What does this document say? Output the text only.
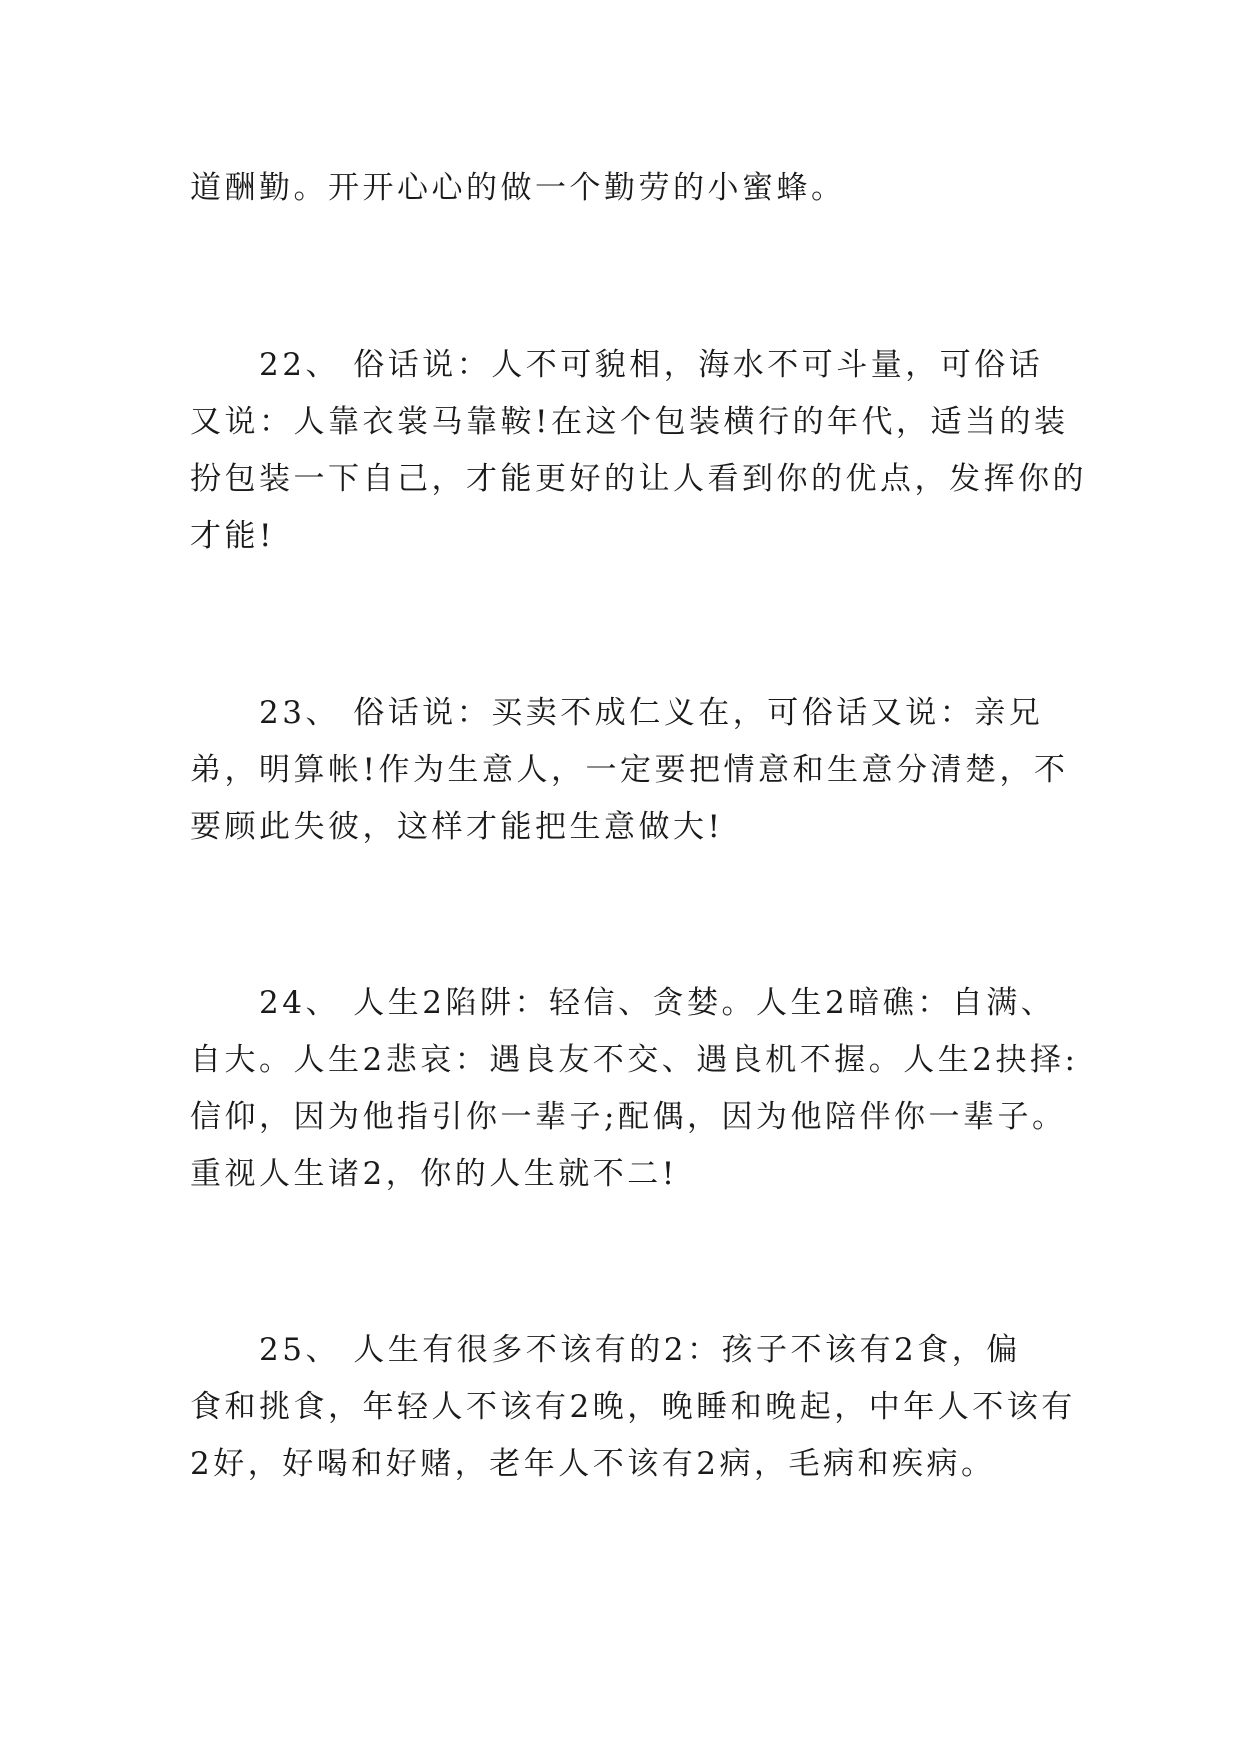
道酬勤。开开心心的做一个勤劳的小蜜蜂。

　　22、 俗话说：人不可貌相，海水不可斗量，可俗话

又说：人靠衣裳马靠鞍!在这个包装横行的年代，适当的装

扮包装一下自己，才能更好的让人看到你的优点，发挥你的

才能!

　　23、 俗话说：买卖不成仁义在，可俗话又说：亲兄

弟，明算帐!作为生意人，一定要把情意和生意分清楚，不

要顾此失彼，这样才能把生意做大!

　　24、 人生2陷阱：轻信、贪婪。人生2暗礁：自满、

自大。人生2悲哀：遇良友不交、遇良机不握。人生2抉择:

信仰，因为他指引你一辈子;配偶，因为他陪伴你一辈子。

重视人生诸2，你的人生就不二!

　　25、 人生有很多不该有的2：孩子不该有2食，偏

食和挑食，年轻人不该有2晚，晚睡和晚起，中年人不该有

2好，好喝和好赌，老年人不该有2病，毛病和疾病。
